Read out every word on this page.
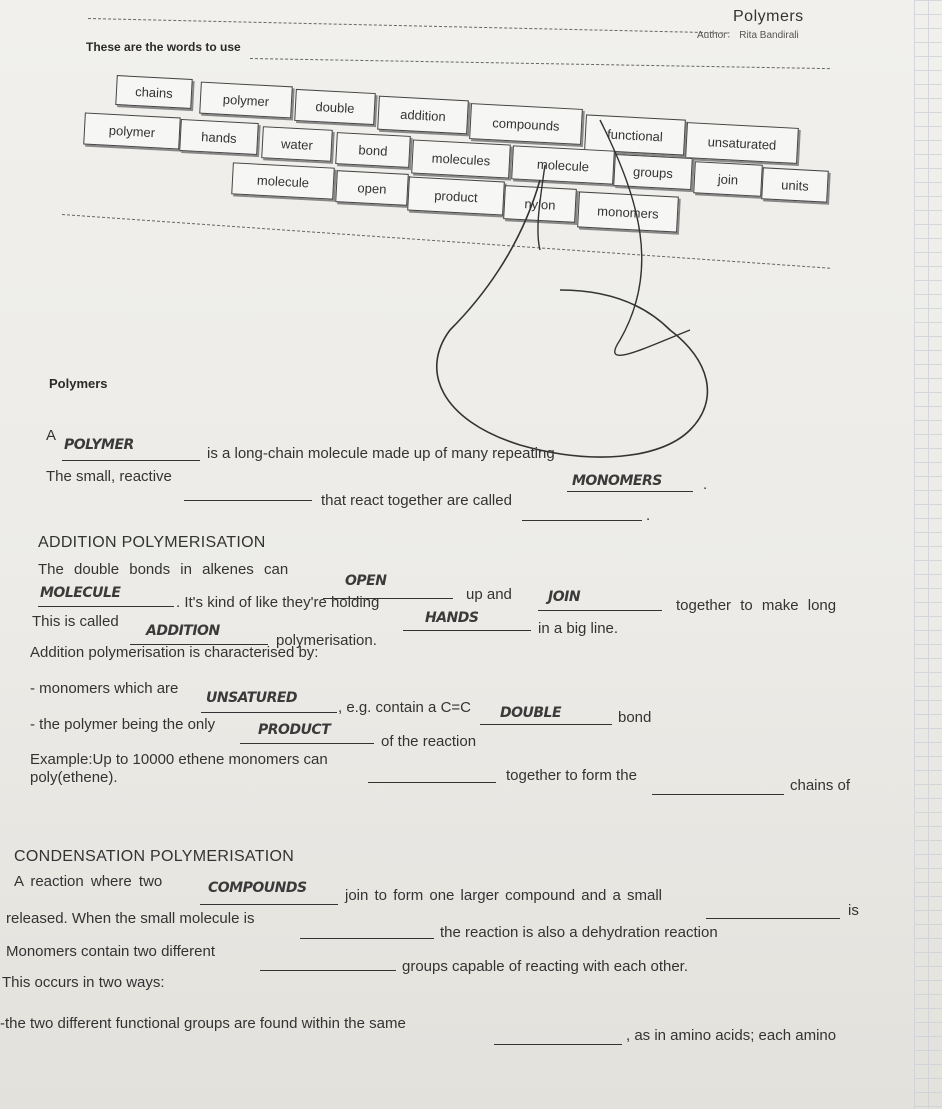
Polymers
Author： Rita Bandirali
These are the words to use
chains	polymer	double	addition	compounds
functional	unsaturated
polymer	hands	water	bond	molecules	molecule	groups	join	units
molecule	open	product	nylon	monomers
Polymers
A
POLYMER	is a long-chain molecule made up of many repeating
MONOMERS	.
The small, reactive
that react together are called
.
ADDITION POLYMERISATION
The double bonds in alkenes can
OPEN
up and	JOIN	together to make long
MOLECULE
. It's kind of like they're holding
HANDS
in a big line.
This is called
ADDITION
polymerisation.
Addition polymerisation is characterised by:
- monomers which are
UNSATURED
, e.g. contain a C=C DOUBLE	bond
- the polymer being the only	PRODUCT
of the reaction
Example:Up to 10000 ethene monomers can
together to form the
chains of
poly(ethene).
CONDENSATION POLYMERISATION
A reaction where two	COMPOUNDS	join to form one larger compound and a small
is
released. When the small molecule is
the reaction is also a dehydration reaction
Monomers contain two different
groups capable of reacting with each other.
This occurs in two ways:
-the two different functional groups are found within the same
, as in amino acids; each amino
